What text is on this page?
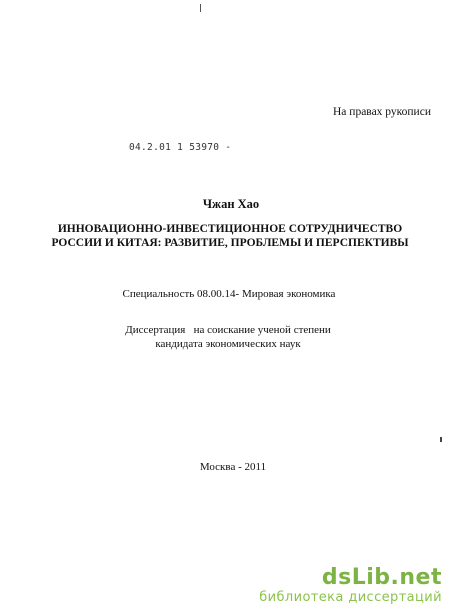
На правах рукописи
04.2.01 1 53970 -
Чжан Хао
ИННОВАЦИОННО-ИНВЕСТИЦИОННОЕ СОТРУДНИЧЕСТВО
РОССИИ И КИТАЯ: РАЗВИТИЕ, ПРОБЛЕМЫ И ПЕРСПЕКТИВЫ
Специальность 08.00.14- Мировая экономика
Диссертация   на соискание ученой степени
кандидата экономических наук
Москва - 2011
dsLib.net
библиотека диссертаций
